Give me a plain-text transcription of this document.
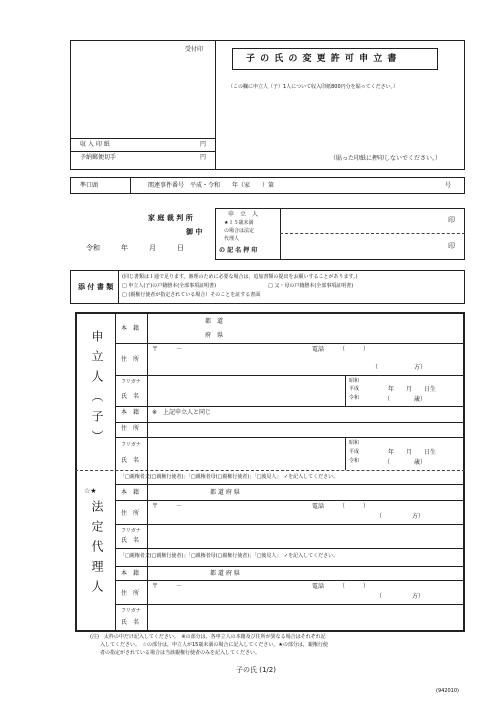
受付印
子 の 氏 の 変 更 許 可 申 立 書
（この欄に申立人（子）1人について収入印紙800円分を貼ってください。）
収 入 印 紙	円
予納郵便切手	円	（貼った印紙に押印しないでください。）
準口頭	関連事件番号　平成・令和　　年（家　　）第	号
家 庭 裁 判 所
御 中
令和　　　年　　　月　　　日
申　立　人
★１５歳未満
の場合は法定
代理人
の 記 名 押 印
印
印
添 付 書 類
(同じ書類は１通で足ります。審理のために必要な場合は，追加書類の提出をお願いすることがあります。)
□ 申立人(子)の戸籍謄本(全部事項証明書)	□ 父・母の戸籍謄本(全部事項証明書)
□ (親権行使者が指定されている場合）そのことを証する書面
申立人（子）
本　籍
都　道
府　県
住　所
〒　　　－	電話　　　（　　　）
（　　　　　　方）
フリガナ
氏　名
昭和
平成
令和
年　　月　　日生
（　　　　歳）
本　籍 ※　上記申立人と同じ
住　所
フリガナ
氏　名
昭和
平成
令和
年　　月　　日生
（　　　　歳）
☆★
法定代理人
「□親権者父(□親権行使者)」「□親権者母(□親権行使者)」「□後見人」　✓を記入してください。
本　籍	都 道 府 県
住　所
〒　　　－	電話　　　（　　　）
（　　　　　方）
フリガナ
氏　名
「□親権者父(□親権行使者)」「□親権者母(□親権行使者)」「□後見人」　✓を記入してください。
本　籍	都 道 府 県
住　所
〒　　　－	電話　　　（　　　）
（　　　　　方）
フリガナ
氏　名
(注)　太枠の中だけ記入してください。　※の部分は，各申立人の本籍及び住所が異なる場合はそれぞれ記
入してください。　☆の部分は，申立人が15歳未満の場合に記入してください。★の部分は，親権行使
者の指定がされている場合は当該親権行使者のみを記入してください。
子の氏 (1/2)
(942010)
